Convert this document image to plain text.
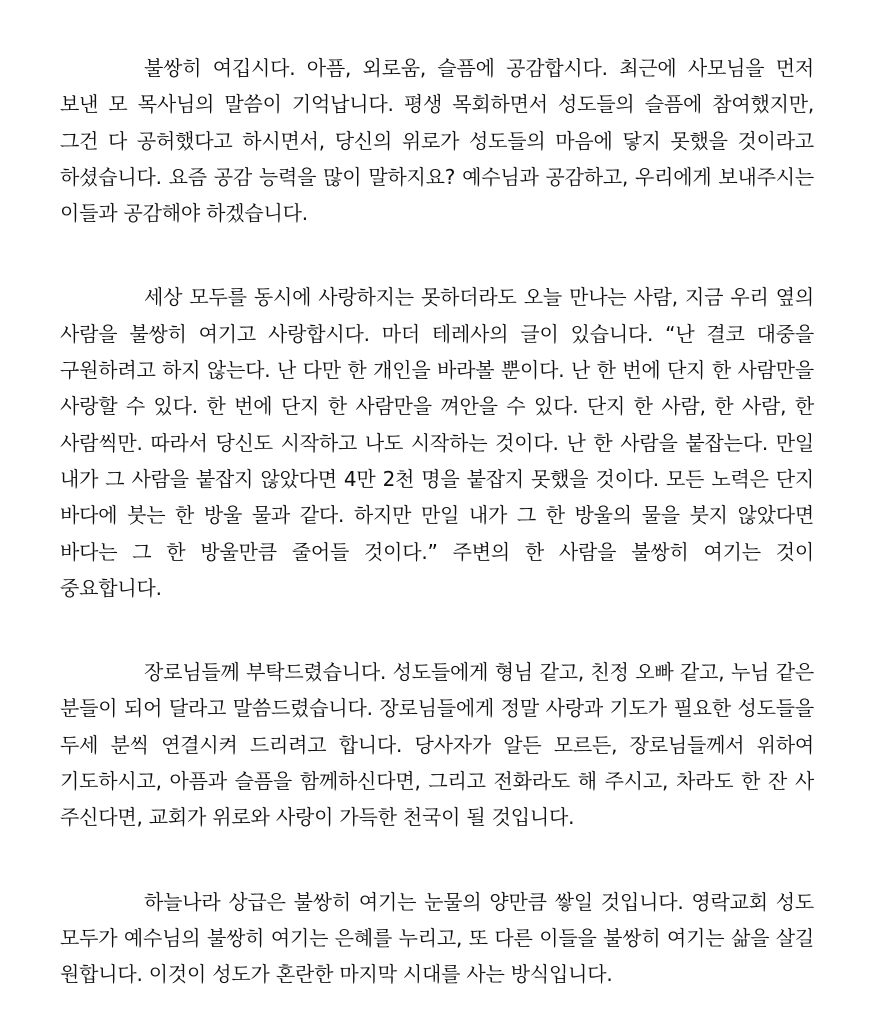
불쌍히 여깁시다. 아픔, 외로움, 슬픔에 공감합시다. 최근에 사모님을 먼저 보낸 모 목사님의 말씀이 기억납니다. 평생 목회하면서 성도들의 슬픔에 참여했지만, 그건 다 공허했다고 하시면서, 당신의 위로가 성도들의 마음에 닿지 못했을 것이라고 하셨습니다. 요즘 공감 능력을 많이 말하지요? 예수님과 공감하고, 우리에게 보내주시는 이들과 공감해야 하겠습니다.

세상 모두를 동시에 사랑하지는 못하더라도 오늘 만나는 사람, 지금 우리 옆의 사람을 불쌍히 여기고 사랑합시다. 마더 테레사의 글이 있습니다. “난 결코 대중을 구원하려고 하지 않는다. 난 다만 한 개인을 바라볼 뿐이다. 난 한 번에 단지 한 사람만을 사랑할 수 있다. 한 번에 단지 한 사람만을 껴안을 수 있다. 단지 한 사람, 한 사람, 한 사람씩만. 따라서 당신도 시작하고 나도 시작하는 것이다. 난 한 사람을 붙잡는다. 만일 내가 그 사람을 붙잡지 않았다면 4만 2천 명을 붙잡지 못했을 것이다. 모든 노력은 단지 바다에 붓는 한 방울 물과 같다. 하지만 만일 내가 그 한 방울의 물을 붓지 않았다면 바다는 그 한 방울만큼 줄어들 것이다.” 주변의 한 사람을 불쌍히 여기는 것이 중요합니다.

장로님들께 부탁드렸습니다. 성도들에게 형님 같고, 친정 오빠 같고, 누님 같은 분들이 되어 달라고 말씀드렸습니다. 장로님들에게 정말 사랑과 기도가 필요한 성도들을 두세 분씩 연결시켜 드리려고 합니다. 당사자가 알든 모르든, 장로님들께서 위하여 기도하시고, 아픔과 슬픔을 함께하신다면, 그리고 전화라도 해 주시고, 차라도 한 잔 사 주신다면, 교회가 위로와 사랑이 가득한 천국이 될 것입니다.

하늘나라 상급은 불쌍히 여기는 눈물의 양만큼 쌓일 것입니다. 영락교회 성도 모두가 예수님의 불쌍히 여기는 은혜를 누리고, 또 다른 이들을 불쌍히 여기는 삶을 살길 원합니다. 이것이 성도가 혼란한 마지막 시대를 사는 방식입니다.
